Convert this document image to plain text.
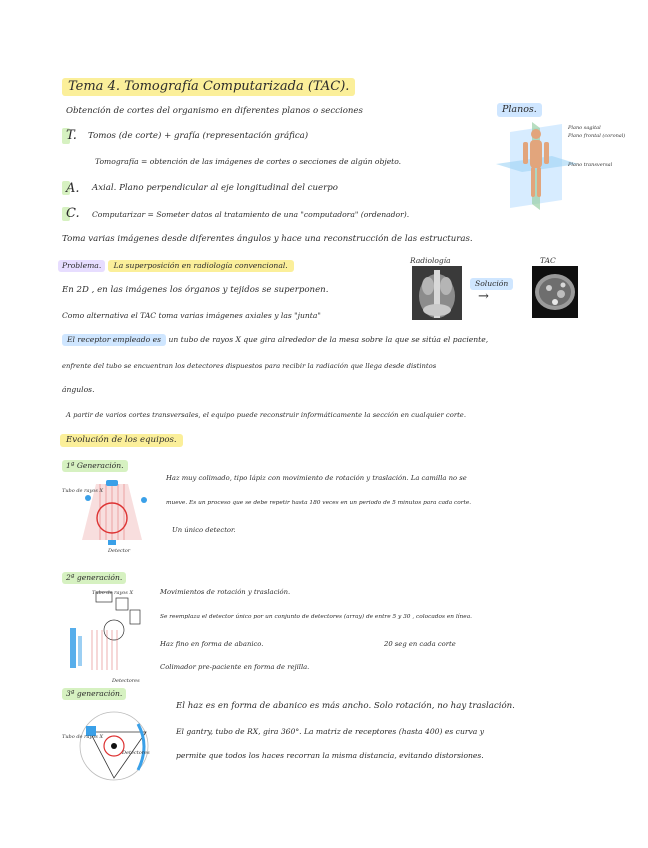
Tema 4. Tomografía Computarizada (TAC).
Obtención de cortes del organismo en diferentes planos o secciones	Planos.
Plano sagital
Plano frontal (coronal)
Plano transversal
T. Tomos (de corte) + grafía (representación gráfica)
Tomografía = obtención de las imágenes de cortes o secciones de algún objeto.
A. Axial. Plano perpendicular al eje longitudinal del cuerpo
C. Computarizar = Someter datos al tratamiento de una "computadora" (ordenador).
Toma varias imágenes desde diferentes ángulos y hace una reconstrucción de las estructuras.
Problema. La superposición en radiología convencional.
Radiología	TAC
Solución
→
En 2D , en las imágenes los órganos y tejidos se superponen.
Como alternativa el TAC toma varias imágenes axiales y las "junta"
El receptor empleado es un tubo de rayos X que gira alrededor de la mesa sobre la que se sitúa el paciente,
enfrente del tubo se encuentran los detectores dispuestos para recibir la radiación que llega desde distintos
ángulos.
A partir de varios cortes transversales, el equipo puede reconstruir informáticamente la sección en cualquier corte.
Evolución de los equipos.
1ª Generación.
Tubo de rayos X
Detector
Haz muy colimado, tipo lápiz con movimiento de rotación y traslación. La camilla no se
mueve. Es un proceso que se debe repetir hasta 180 veces en un periodo de 5 minutos para cada corte.
Un único detector.
2ª generación.
Tubo de rayos X
Detectores
Movimientos de rotación y traslación.
Se reemplaza el detector único por un conjunto de detectores (array) de entre 5 y 30 , colocados en línea.
Haz fino en forma de abanico.	20 seg en cada corte
Colimador pre-paciente en forma de rejilla.
3ª generación.
Tubo de rayos X
Detectores
El haz es en forma de abanico es más ancho. Solo rotación, no hay traslación.
El gantry, tubo de RX, gira 360°. La matriz de receptores (hasta 400) es curva y
permite que todos los haces recorran la misma distancia, evitando distorsiones.
